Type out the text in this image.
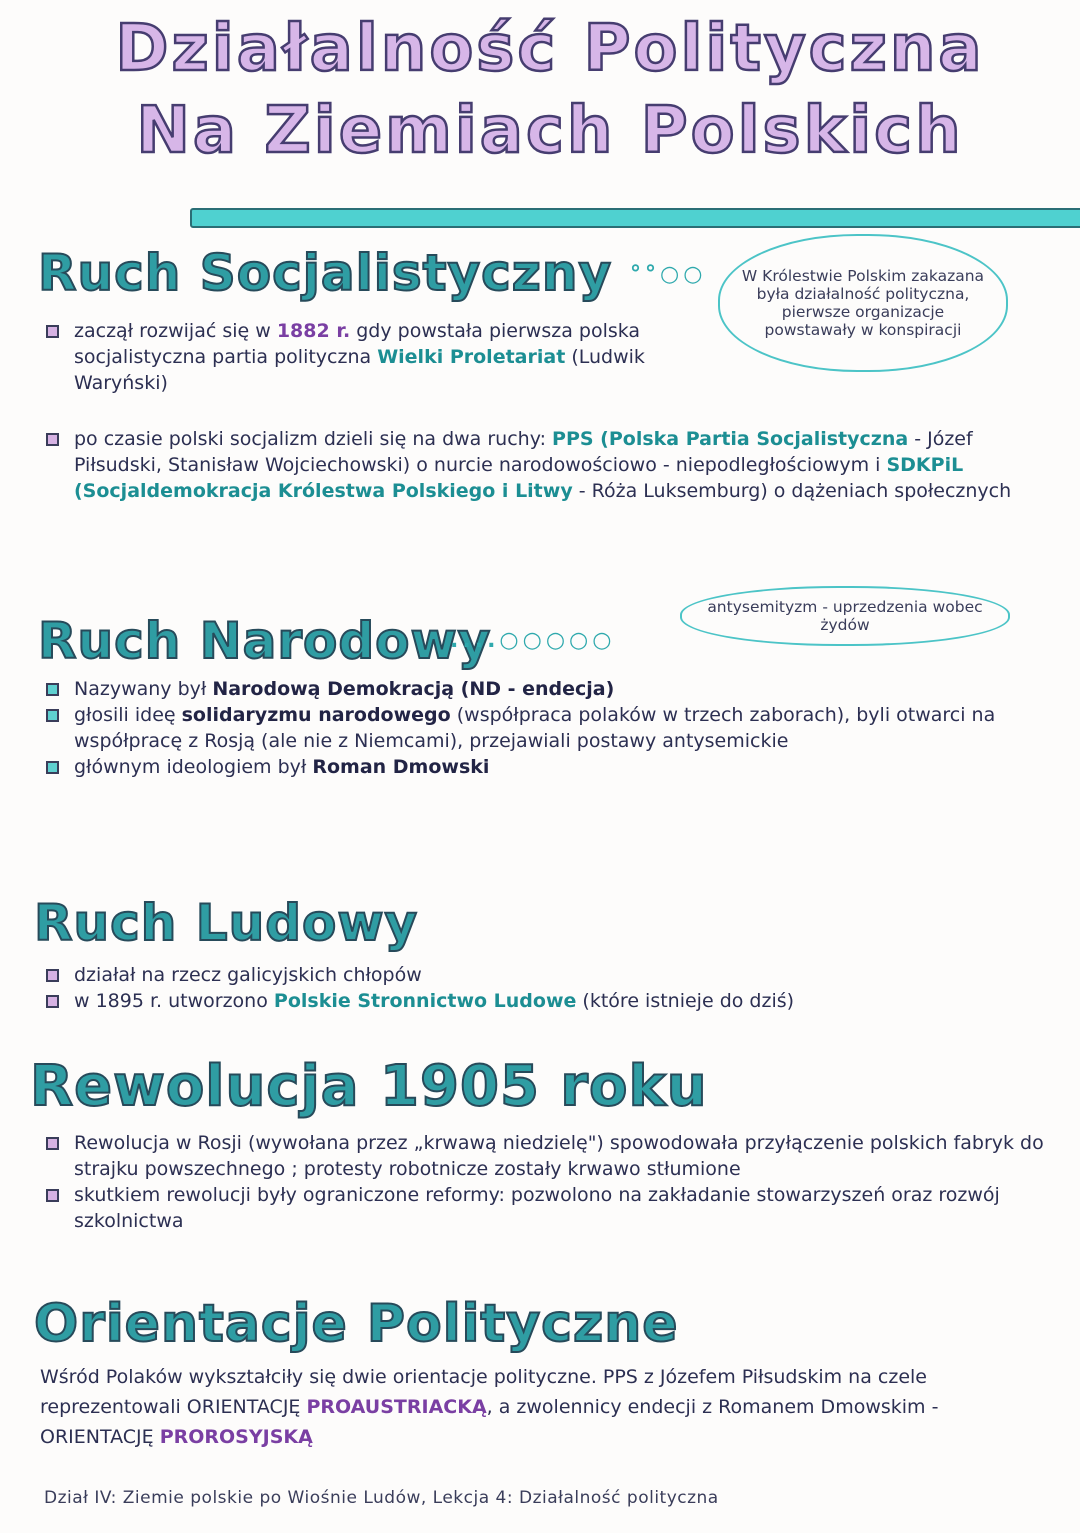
Działalność Polityczna
Na Ziemiach Polskich
Ruch Socjalistyczny °°○○	W Królestwie Polskim zakazana była działalność polityczna, pierwsze organizacje powstawały w konspiracji
zaczął rozwijać się w 1882 r. gdy powstała pierwsza polska socjalistyczna partia polityczna Wielki Proletariat (Ludwik Waryński)
po czasie polski socjalizm dzieli się na dwa ruchy: PPS (Polska Partia Socjalistyczna - Józef Piłsudski, Stanisław Wojciechowski) o nurcie narodowościowo - niepodległościowym i SDKPiL (Socjaldemokracja Królestwa Polskiego i Litwy - Róża Luksemburg) o dążeniach społecznych
Ruch Narodowy
....○○○○○
antysemityzm - uprzedzenia wobec żydów
Nazywany był Narodową Demokracją (ND - endecja)
głosili ideę solidaryzmu narodowego (współpraca polaków w trzech zaborach), byli otwarci na współpracę z Rosją (ale nie z Niemcami), przejawiali postawy antysemickie
głównym ideologiem był Roman Dmowski
Ruch Ludowy
działał na rzecz galicyjskich chłopów
w 1895 r. utworzono Polskie Stronnictwo Ludowe (które istnieje do dziś)
Rewolucja 1905 roku
Rewolucja w Rosji (wywołana przez „krwawą niedzielę") spowodowała przyłączenie polskich fabryk do strajku powszechnego ; protesty robotnicze zostały krwawo stłumione
skutkiem rewolucji były ograniczone reformy: pozwolono na zakładanie stowarzyszeń oraz rozwój szkolnictwa
Orientacje Polityczne
Wśród Polaków wykształciły się dwie orientacje polityczne. PPS z Józefem Piłsudskim na czele reprezentowali ORIENTACJĘ PROAUSTRIACKĄ, a zwolennicy endecji z Romanem Dmowskim - ORIENTACJĘ PROROSYJSKĄ
Dział IV: Ziemie polskie po Wiośnie Ludów, Lekcja 4: Działalność polityczna
